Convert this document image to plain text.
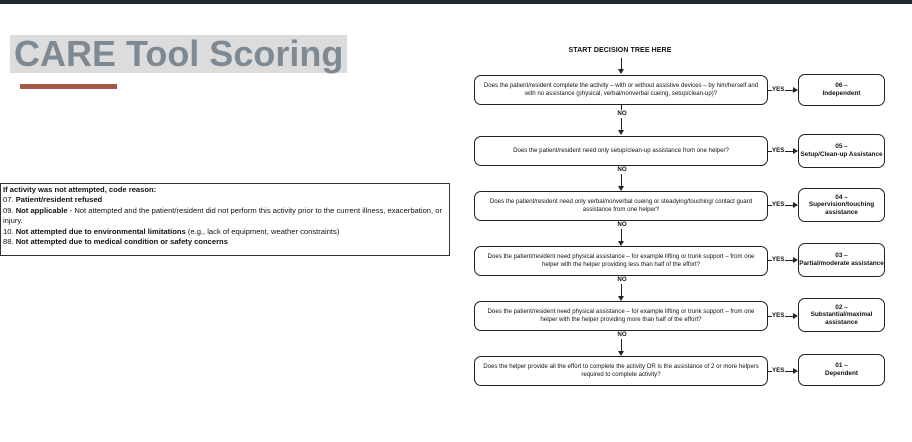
CARE Tool Scoring
If activity was not attempted, code reason:
07. Patient/resident refused
09. Not applicable - Not attempted and the patient/resident did not perform this activity prior to the current illness, exacerbation, or injury.
10. Not attempted due to environmental limitations (e.g., lack of equipment, weather constraints)
88. Not attempted due to medical condition or safety concerns
START DECISION TREE HERE
Does the patient/resident complete the activity – with or without assistive devices – by him/herself and with no assistance (physical, verbal/nonverbal cueing, setup/clean-up)?
YES
06 –
Independent
NO
Does the patient/resident need only setup/clean-up assistance from one helper?	YES
05 –
Setup/Clean-up Assistance
NO
Does the patient/resident need only verbal/nonverbal cueing or steadying/touching/ contact guard assistance from one helper?
YES
04 –
Supervision/touching assistance
NO
Does the patient/resident need physical assistance – for example lifting or trunk support – from one helper with the helper providing less than half of the effort?
YES
03 –
Partial/moderate assistance
NO
Does the patient/resident need physical assistance – for example lifting or trunk support – from one helper with the helper providing more than half of the effort?
YES
02 –
Substantial/maximal assistance
NO
Does the helper provide all the effort to complete the activity OR is the assistance of 2 or more helpers required to complete activity?
YES
01 –
Dependent
